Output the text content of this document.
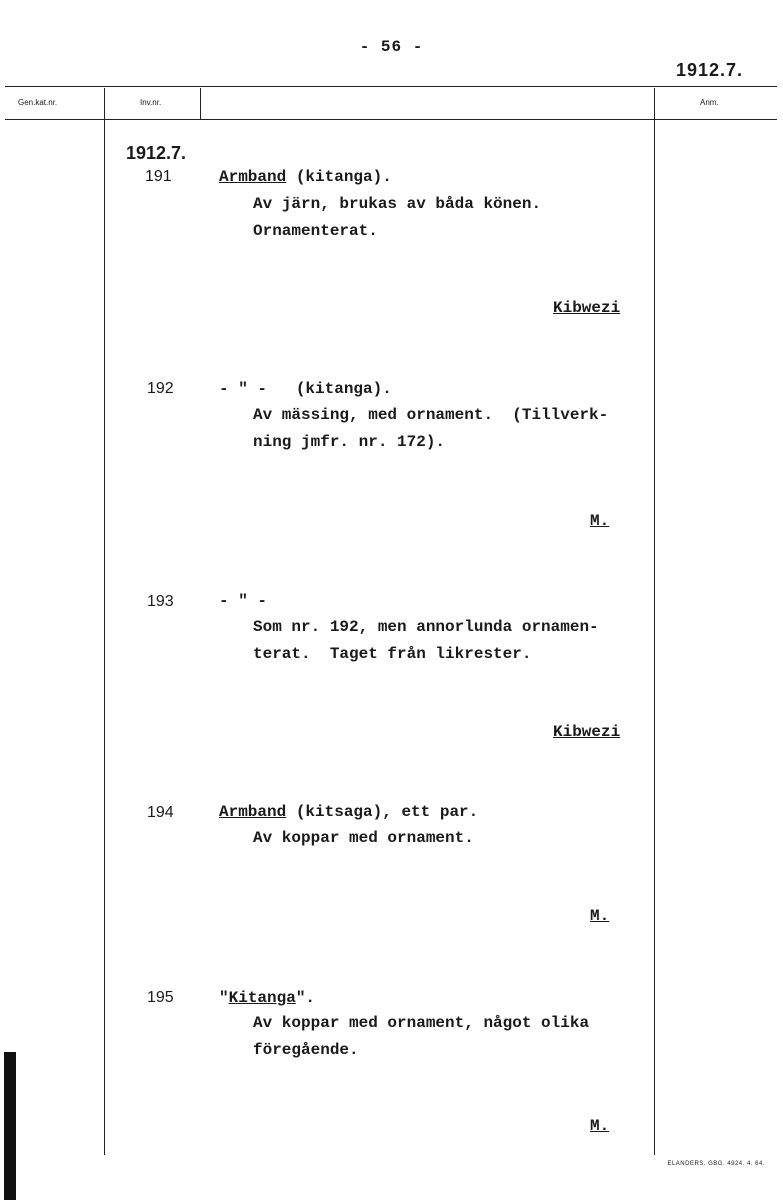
- 56 -
1912.7.
Gen.kat.nr.	Inv.nr.	Anm.
1912.7.
191	Armband (kitanga).
Av järn, brukas av båda könen.
Ornamenterat.
Kibwezi
192	- " -   (kitanga).
Av mässing, med ornament.  (Tillverk-
ning jmfr. nr. 172).
M.
193	- " -
Som nr. 192, men annorlunda ornamen-
terat.  Taget från likrester.
Kibwezi
194	Armband (kitsaga), ett par.
Av koppar med ornament.
M.
195	"Kitanga".
Av koppar med ornament, något olika
föregående.
M.
ELANDERS. GBG. 4924. 4. 64.
